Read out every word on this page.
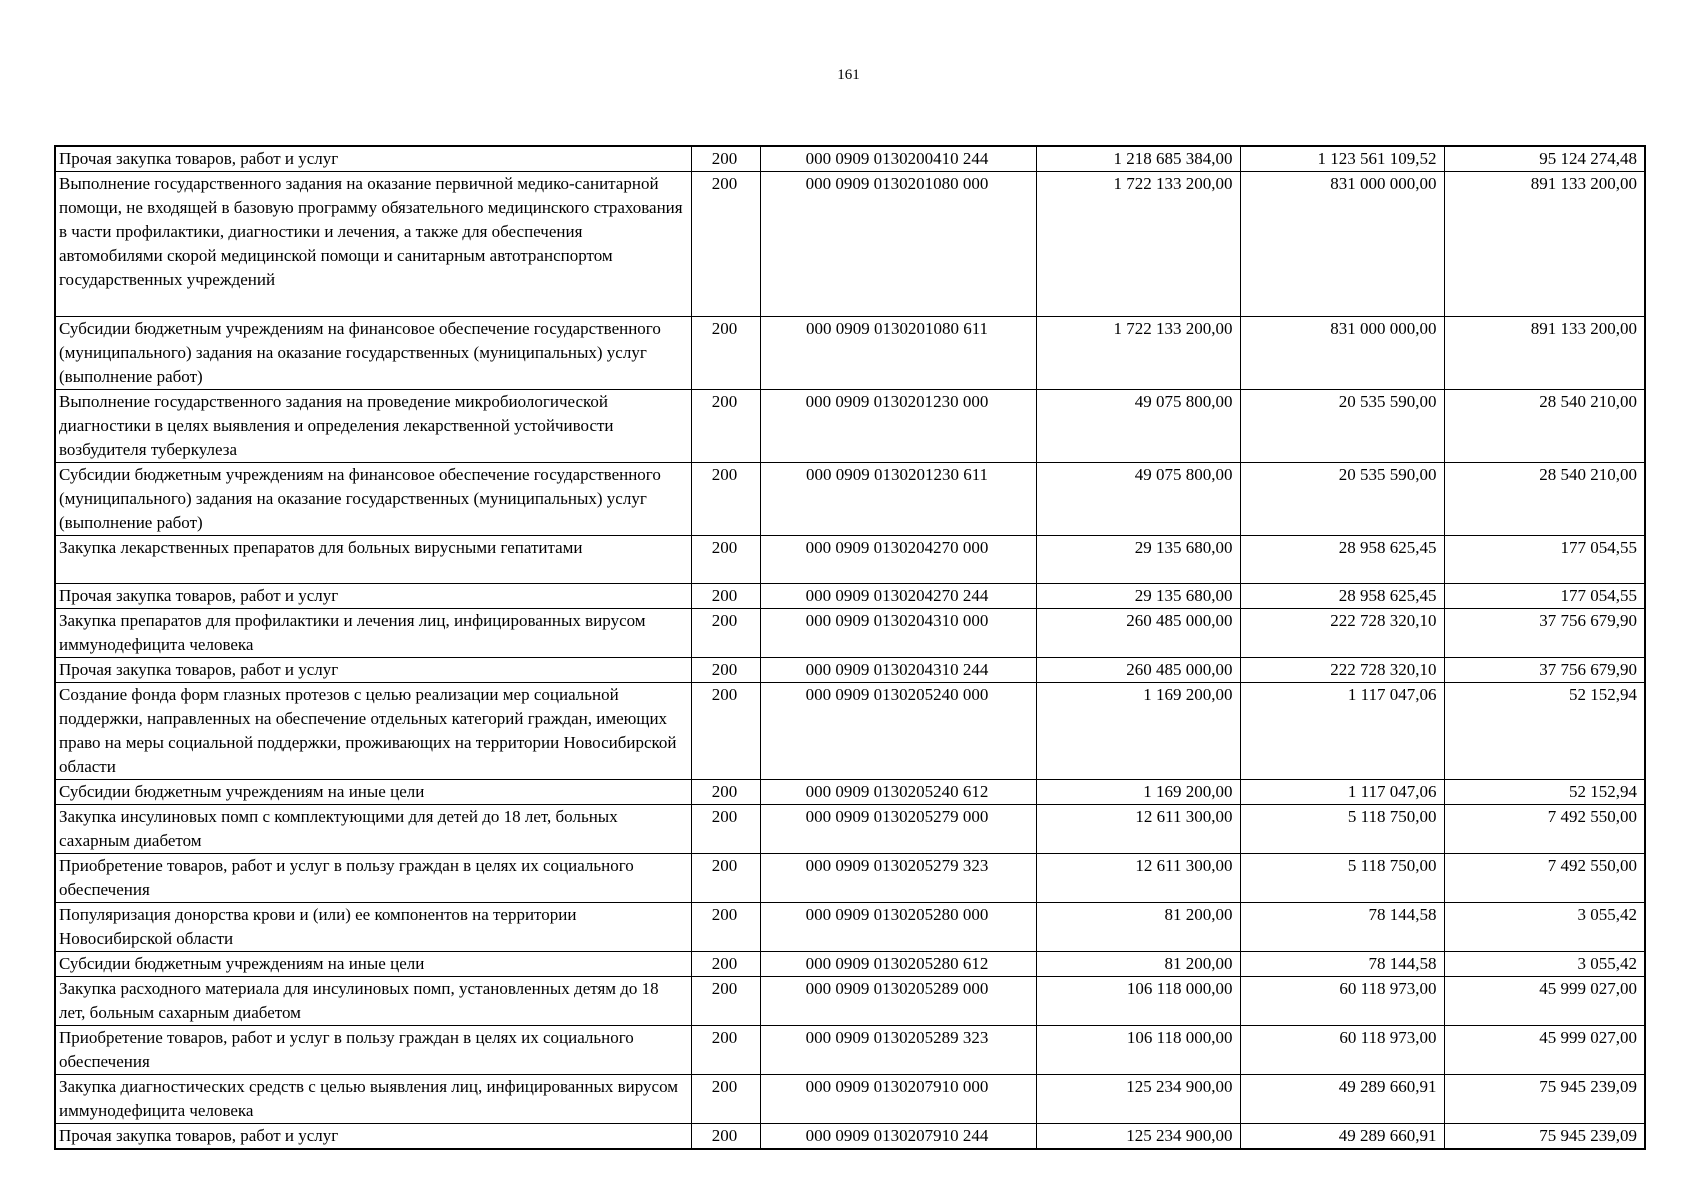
161
Прочая закупка товаров, работ и услуг	200	000 0909 0130200410 244	1 218 685 384,00	1 123 561 109,52	95 124 274,48
Выполнение государственного задания на оказание первичной медико-санитарной помощи, не входящей в базовую программу обязательного медицинского страхования в части профилактики, диагностики и лечения, а также для обеспечения автомобилями скорой медицинской помощи и санитарным автотранспортом государственных учреждений	200	000 0909 0130201080 000	1 722 133 200,00	831 000 000,00	891 133 200,00
Субсидии бюджетным учреждениям на финансовое обеспечение государственного (муниципального) задания на оказание государственных (муниципальных) услуг (выполнение работ)	200	000 0909 0130201080 611	1 722 133 200,00	831 000 000,00	891 133 200,00
Выполнение государственного задания на проведение микробиологической диагностики в целях выявления и определения лекарственной устойчивости возбудителя туберкулеза	200	000 0909 0130201230 000	49 075 800,00	20 535 590,00	28 540 210,00
Субсидии бюджетным учреждениям на финансовое обеспечение государственного (муниципального) задания на оказание государственных (муниципальных) услуг (выполнение работ)	200	000 0909 0130201230 611	49 075 800,00	20 535 590,00	28 540 210,00
Закупка лекарственных препаратов для больных вирусными гепатитами	200	000 0909 0130204270 000	29 135 680,00	28 958 625,45	177 054,55
Прочая закупка товаров, работ и услуг	200	000 0909 0130204270 244	29 135 680,00	28 958 625,45	177 054,55
Закупка препаратов для профилактики и лечения лиц, инфицированных вирусом иммунодефицита человека	200	000 0909 0130204310 000	260 485 000,00	222 728 320,10	37 756 679,90
Прочая закупка товаров, работ и услуг	200	000 0909 0130204310 244	260 485 000,00	222 728 320,10	37 756 679,90
Создание фонда форм глазных протезов с целью реализации мер социальной поддержки, направленных на обеспечение отдельных категорий граждан, имеющих право на меры социальной поддержки, проживающих на территории Новосибирской области	200	000 0909 0130205240 000	1 169 200,00	1 117 047,06	52 152,94
Субсидии бюджетным учреждениям на иные цели	200	000 0909 0130205240 612	1 169 200,00	1 117 047,06	52 152,94
Закупка инсулиновых помп с комплектующими для детей до 18 лет, больных сахарным диабетом	200	000 0909 0130205279 000	12 611 300,00	5 118 750,00	7 492 550,00
Приобретение товаров, работ и услуг в пользу граждан в целях их социального обеспечения	200	000 0909 0130205279 323	12 611 300,00	5 118 750,00	7 492 550,00
Популяризация донорства крови и (или) ее компонентов на территории Новосибирской области	200	000 0909 0130205280 000	81 200,00	78 144,58	3 055,42
Субсидии бюджетным учреждениям на иные цели	200	000 0909 0130205280 612	81 200,00	78 144,58	3 055,42
Закупка расходного материала для инсулиновых помп, установленных детям до 18 лет, больным сахарным диабетом	200	000 0909 0130205289 000	106 118 000,00	60 118 973,00	45 999 027,00
Приобретение товаров, работ и услуг в пользу граждан в целях их социального обеспечения	200	000 0909 0130205289 323	106 118 000,00	60 118 973,00	45 999 027,00
Закупка диагностических средств с целью выявления лиц, инфицированных вирусом иммунодефицита человека	200	000 0909 0130207910 000	125 234 900,00	49 289 660,91	75 945 239,09
Прочая закупка товаров, работ и услуг	200	000 0909 0130207910 244	125 234 900,00	49 289 660,91	75 945 239,09
